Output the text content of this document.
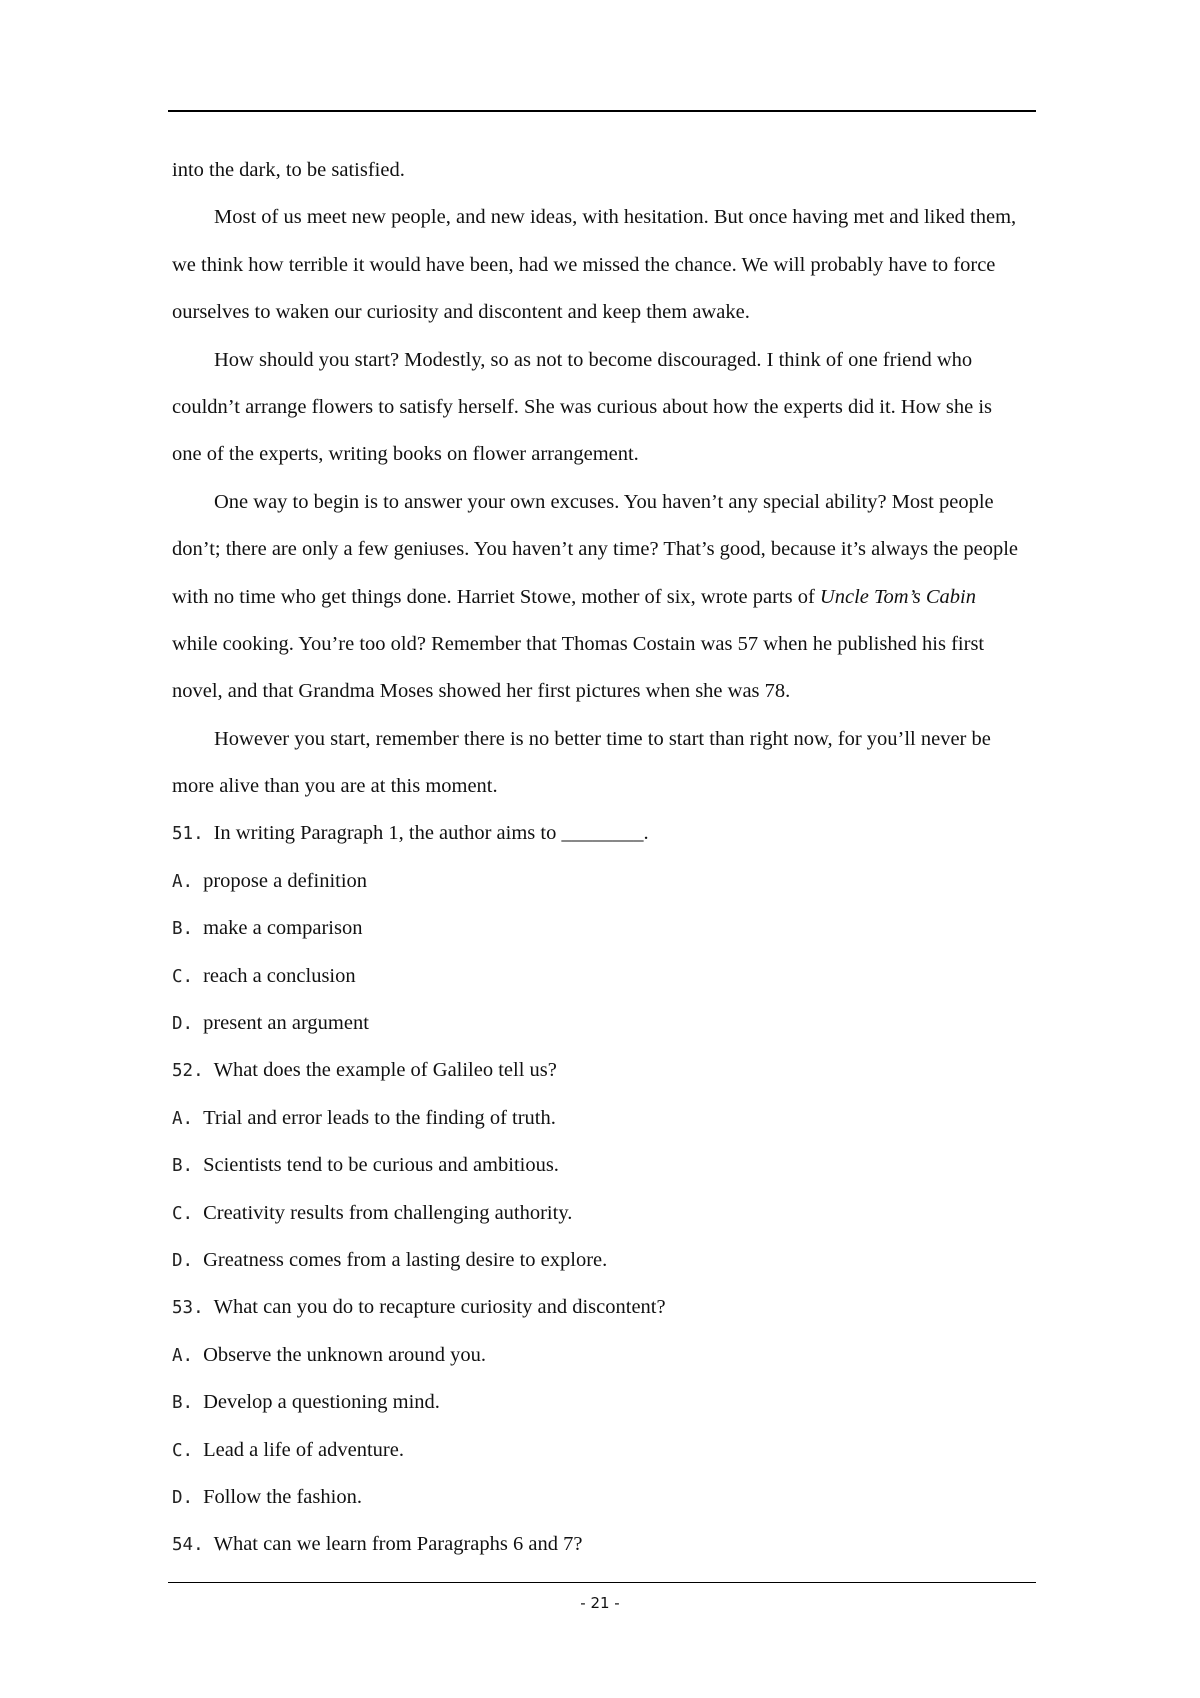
into the dark, to be satisfied.
Most of us meet new people, and new ideas, with hesitation. But once having met and liked them,
we think how terrible it would have been, had we missed the chance. We will probably have to force
ourselves to waken our curiosity and discontent and keep them awake.
How should you start? Modestly, so as not to become discouraged. I think of one friend who
couldn’t arrange flowers to satisfy herself. She was curious about how the experts did it. How she is
one of the experts, writing books on flower arrangement.
One way to begin is to answer your own excuses. You haven’t any special ability? Most people
don’t; there are only a few geniuses. You haven’t any time? That’s good, because it’s always the people
with no time who get things done. Harriet Stowe, mother of six, wrote parts of Uncle Tom’s Cabin
while cooking. You’re too old? Remember that Thomas Costain was 57 when he published his first
novel, and that Grandma Moses showed her first pictures when she was 78.
However you start, remember there is no better time to start than right now, for you’ll never be
more alive than you are at this moment.
51. In writing Paragraph 1, the author aims to ________.
A. propose a definition
B. make a comparison
C. reach a conclusion
D. present an argument
52. What does the example of Galileo tell us?
A. Trial and error leads to the finding of truth.
B. Scientists tend to be curious and ambitious.
C. Creativity results from challenging authority.
D. Greatness comes from a lasting desire to explore.
53. What can you do to recapture curiosity and discontent?
A. Observe the unknown around you.
B. Develop a questioning mind.
C. Lead a life of adventure.
D. Follow the fashion.
54. What can we learn from Paragraphs 6 and 7?
- 21 -
